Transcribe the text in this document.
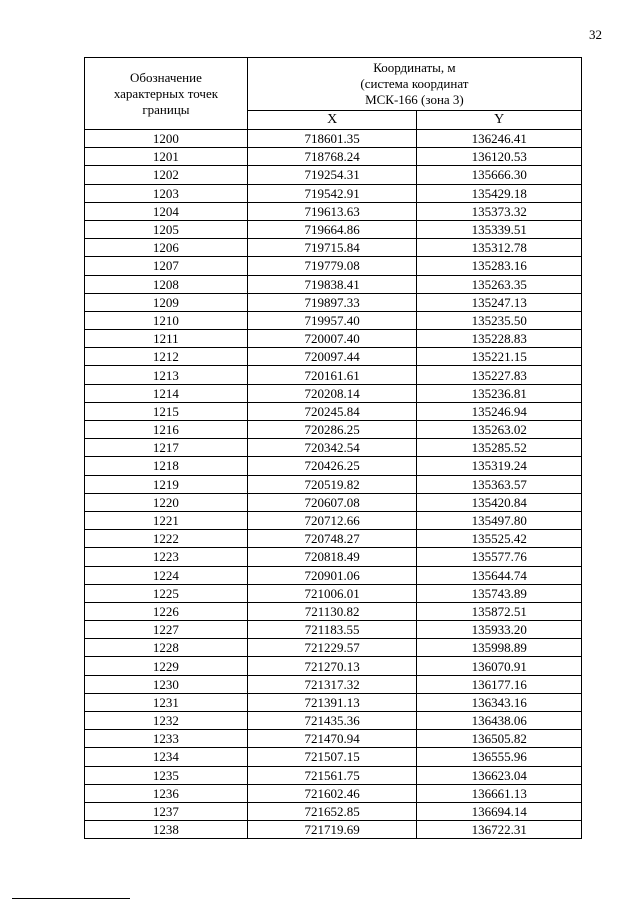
32
Обозначение характерных точек границы	Координаты, м
(система координат
МСК-166 (зона 3)	

	X	Y
1200	718601.35	136246.41
1201	718768.24	136120.53
1202	719254.31	135666.30
1203	719542.91	135429.18
1204	719613.63	135373.32
1205	719664.86	135339.51
1206	719715.84	135312.78
1207	719779.08	135283.16
1208	719838.41	135263.35
1209	719897.33	135247.13
1210	719957.40	135235.50
1211	720007.40	135228.83
1212	720097.44	135221.15
1213	720161.61	135227.83
1214	720208.14	135236.81
1215	720245.84	135246.94
1216	720286.25	135263.02
1217	720342.54	135285.52
1218	720426.25	135319.24
1219	720519.82	135363.57
1220	720607.08	135420.84
1221	720712.66	135497.80
1222	720748.27	135525.42
1223	720818.49	135577.76
1224	720901.06	135644.74
1225	721006.01	135743.89
1226	721130.82	135872.51
1227	721183.55	135933.20
1228	721229.57	135998.89
1229	721270.13	136070.91
1230	721317.32	136177.16
1231	721391.13	136343.16
1232	721435.36	136438.06
1233	721470.94	136505.82
1234	721507.15	136555.96
1235	721561.75	136623.04
1236	721602.46	136661.13
1237	721652.85	136694.14
1238	721719.69	136722.31
